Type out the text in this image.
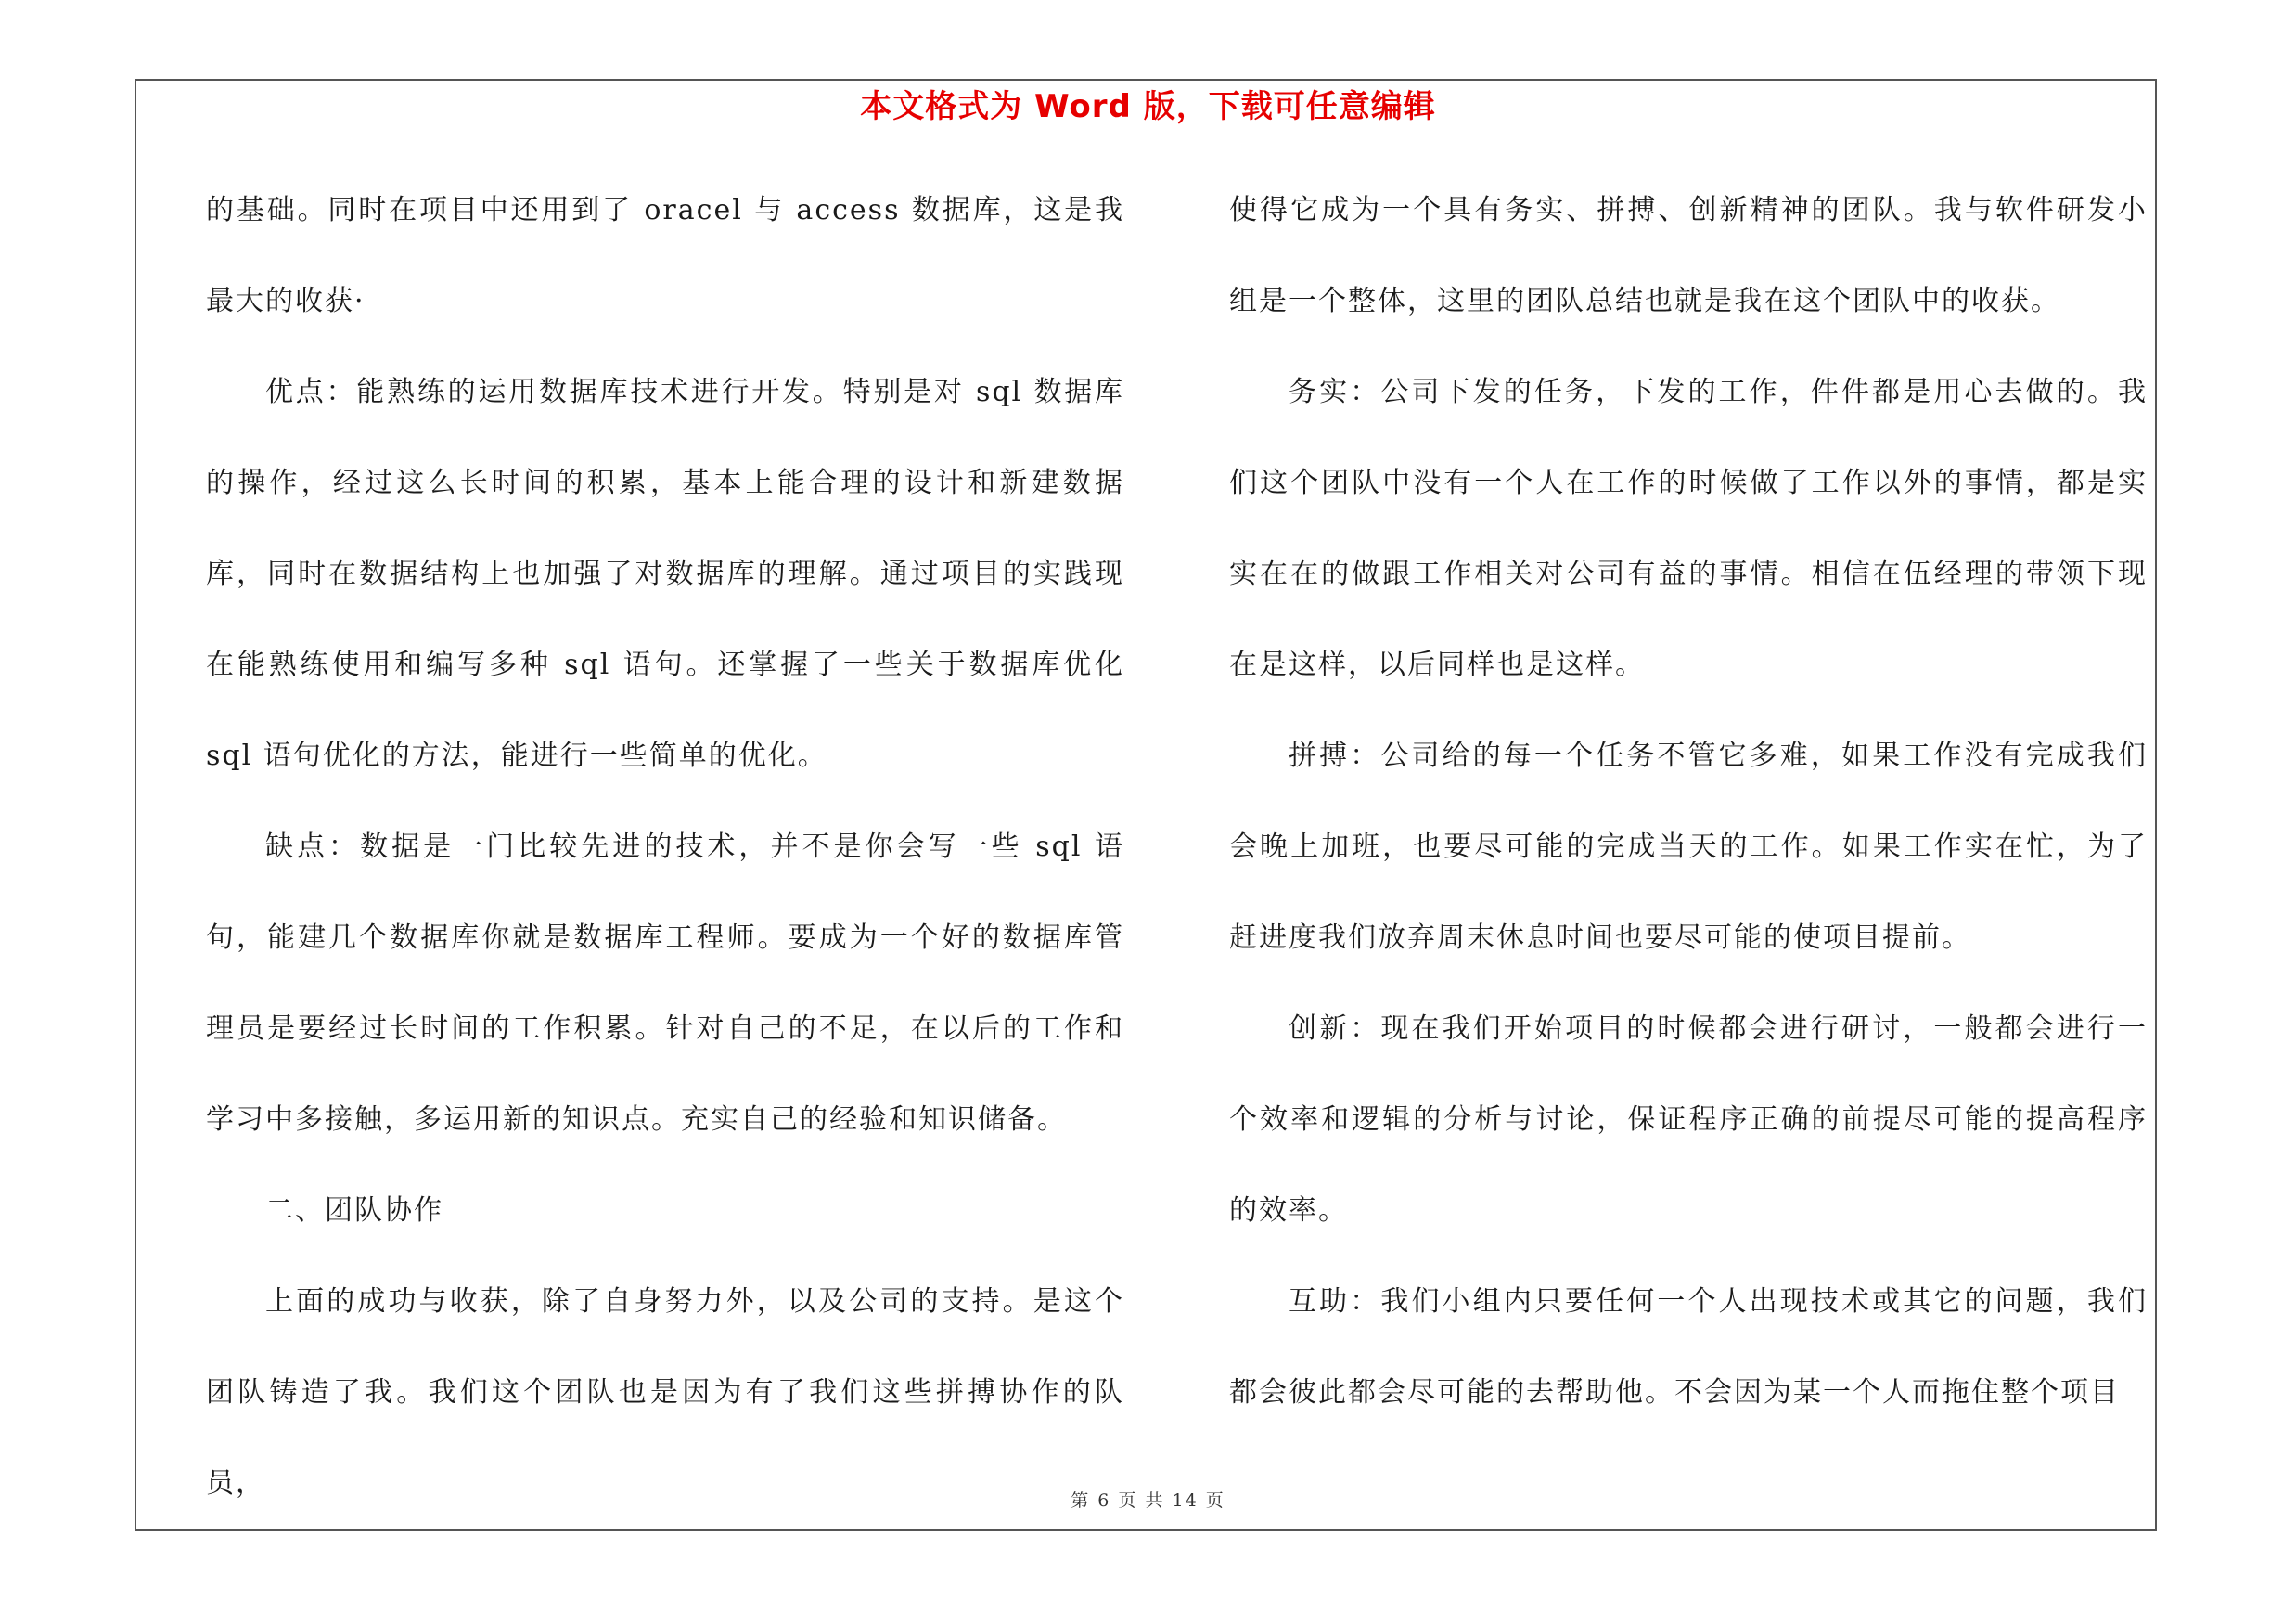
本文格式为 Word 版，下载可任意编辑

的基础。同时在项目中还用到了 oracel 与 access 数据库，这是我最大的收获·

优点：能熟练的运用数据库技术进行开发。特别是对 sql 数据库的操作，经过这么长时间的积累，基本上能合理的设计和新建数据库，同时在数据结构上也加强了对数据库的理解。通过项目的实践现在能熟练使用和编写多种 sql 语句。还掌握了一些关于数据库优化 sql 语句优化的方法，能进行一些简单的优化。

缺点：数据是一门比较先进的技术，并不是你会写一些 sql 语句，能建几个数据库你就是数据库工程师。要成为一个好的数据库管理员是要经过长时间的工作积累。针对自己的不足，在以后的工作和学习中多接触，多运用新的知识点。充实自己的经验和知识储备。

二、团队协作

上面的成功与收获，除了自身努力外，以及公司的支持。是这个团队铸造了我。我们这个团队也是因为有了我们这些拼搏协作的队员，

使得它成为一个具有务实、拼搏、创新精神的团队。我与软件研发小组是一个整体，这里的团队总结也就是我在这个团队中的收获。

务实：公司下发的任务，下发的工作，件件都是用心去做的。我们这个团队中没有一个人在工作的时候做了工作以外的事情，都是实实在在的做跟工作相关对公司有益的事情。相信在伍经理的带领下现在是这样，以后同样也是这样。

拼搏：公司给的每一个任务不管它多难，如果工作没有完成我们会晚上加班，也要尽可能的完成当天的工作。如果工作实在忙，为了赶进度我们放弃周末休息时间也要尽可能的使项目提前。

创新：现在我们开始项目的时候都会进行研讨，一般都会进行一个效率和逻辑的分析与讨论，保证程序正确的前提尽可能的提高程序的效率。

互助：我们小组内只要任何一个人出现技术或其它的问题，我们都会彼此都会尽可能的去帮助他。不会因为某一个人而拖住整个项目

第 6 页 共 14 页
